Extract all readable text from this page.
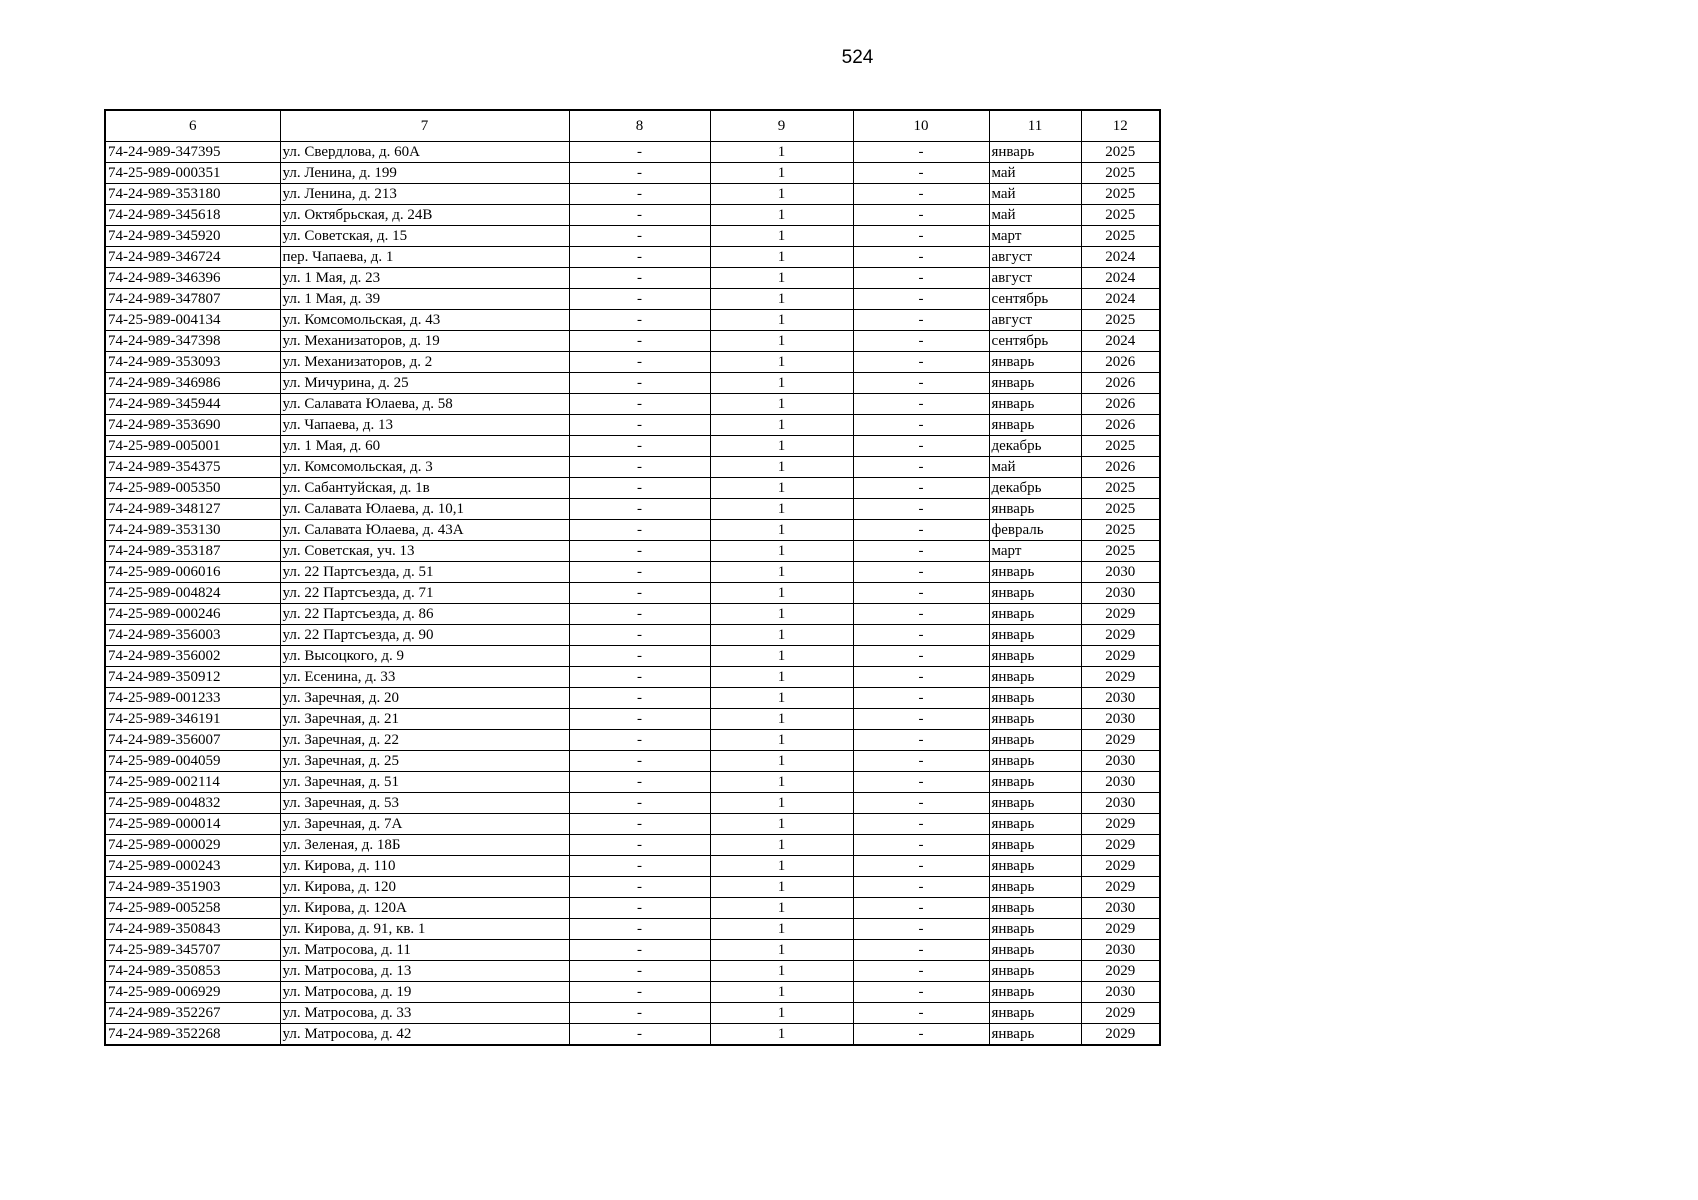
524
6	7	8	9	10	11	12
74-24-989-347395	ул. Свердлова, д. 60А	-	1	-	январь	2025
74-25-989-000351	ул. Ленина, д. 199	-	1	-	май	2025
74-24-989-353180	ул. Ленина, д. 213	-	1	-	май	2025
74-24-989-345618	ул. Октябрьская, д. 24В	-	1	-	май	2025
74-24-989-345920	ул. Советская, д. 15	-	1	-	март	2025
74-24-989-346724	пер. Чапаева, д. 1	-	1	-	август	2024
74-24-989-346396	ул. 1 Мая, д. 23	-	1	-	август	2024
74-24-989-347807	ул. 1 Мая, д. 39	-	1	-	сентябрь	2024
74-25-989-004134	ул. Комсомольская, д. 43	-	1	-	август	2025
74-24-989-347398	ул. Механизаторов, д. 19	-	1	-	сентябрь	2024
74-24-989-353093	ул. Механизаторов, д. 2	-	1	-	январь	2026
74-24-989-346986	ул. Мичурина, д. 25	-	1	-	январь	2026
74-24-989-345944	ул. Салавата Юлаева, д. 58	-	1	-	январь	2026
74-24-989-353690	ул. Чапаева, д. 13	-	1	-	январь	2026
74-25-989-005001	ул. 1 Мая, д. 60	-	1	-	декабрь	2025
74-24-989-354375	ул. Комсомольская, д. 3	-	1	-	май	2026
74-25-989-005350	ул. Сабантуйская, д. 1в	-	1	-	декабрь	2025
74-24-989-348127	ул. Салавата Юлаева, д. 10,1	-	1	-	январь	2025
74-24-989-353130	ул. Салавата Юлаева, д. 43А	-	1	-	февраль	2025
74-24-989-353187	ул. Советская, уч. 13	-	1	-	март	2025
74-25-989-006016	ул. 22 Партсъезда, д. 51	-	1	-	январь	2030
74-25-989-004824	ул. 22 Партсъезда, д. 71	-	1	-	январь	2030
74-25-989-000246	ул. 22 Партсъезда, д. 86	-	1	-	январь	2029
74-24-989-356003	ул. 22 Партсъезда, д. 90	-	1	-	январь	2029
74-24-989-356002	ул. Высоцкого, д. 9	-	1	-	январь	2029
74-24-989-350912	ул. Есенина, д. 33	-	1	-	январь	2029
74-25-989-001233	ул. Заречная, д. 20	-	1	-	январь	2030
74-25-989-346191	ул. Заречная, д. 21	-	1	-	январь	2030
74-24-989-356007	ул. Заречная, д. 22	-	1	-	январь	2029
74-25-989-004059	ул. Заречная, д. 25	-	1	-	январь	2030
74-25-989-002114	ул. Заречная, д. 51	-	1	-	январь	2030
74-25-989-004832	ул. Заречная, д. 53	-	1	-	январь	2030
74-25-989-000014	ул. Заречная, д. 7А	-	1	-	январь	2029
74-25-989-000029	ул. Зеленая, д. 18Б	-	1	-	январь	2029
74-25-989-000243	ул. Кирова, д. 110	-	1	-	январь	2029
74-24-989-351903	ул. Кирова, д. 120	-	1	-	январь	2029
74-25-989-005258	ул. Кирова, д. 120А	-	1	-	январь	2030
74-24-989-350843	ул. Кирова, д. 91, кв. 1	-	1	-	январь	2029
74-25-989-345707	ул. Матросова, д. 11	-	1	-	январь	2030
74-24-989-350853	ул. Матросова, д. 13	-	1	-	январь	2029
74-25-989-006929	ул. Матросова, д. 19	-	1	-	январь	2030
74-24-989-352267	ул. Матросова, д. 33	-	1	-	январь	2029
74-24-989-352268	ул. Матросова, д. 42	-	1	-	январь	2029
